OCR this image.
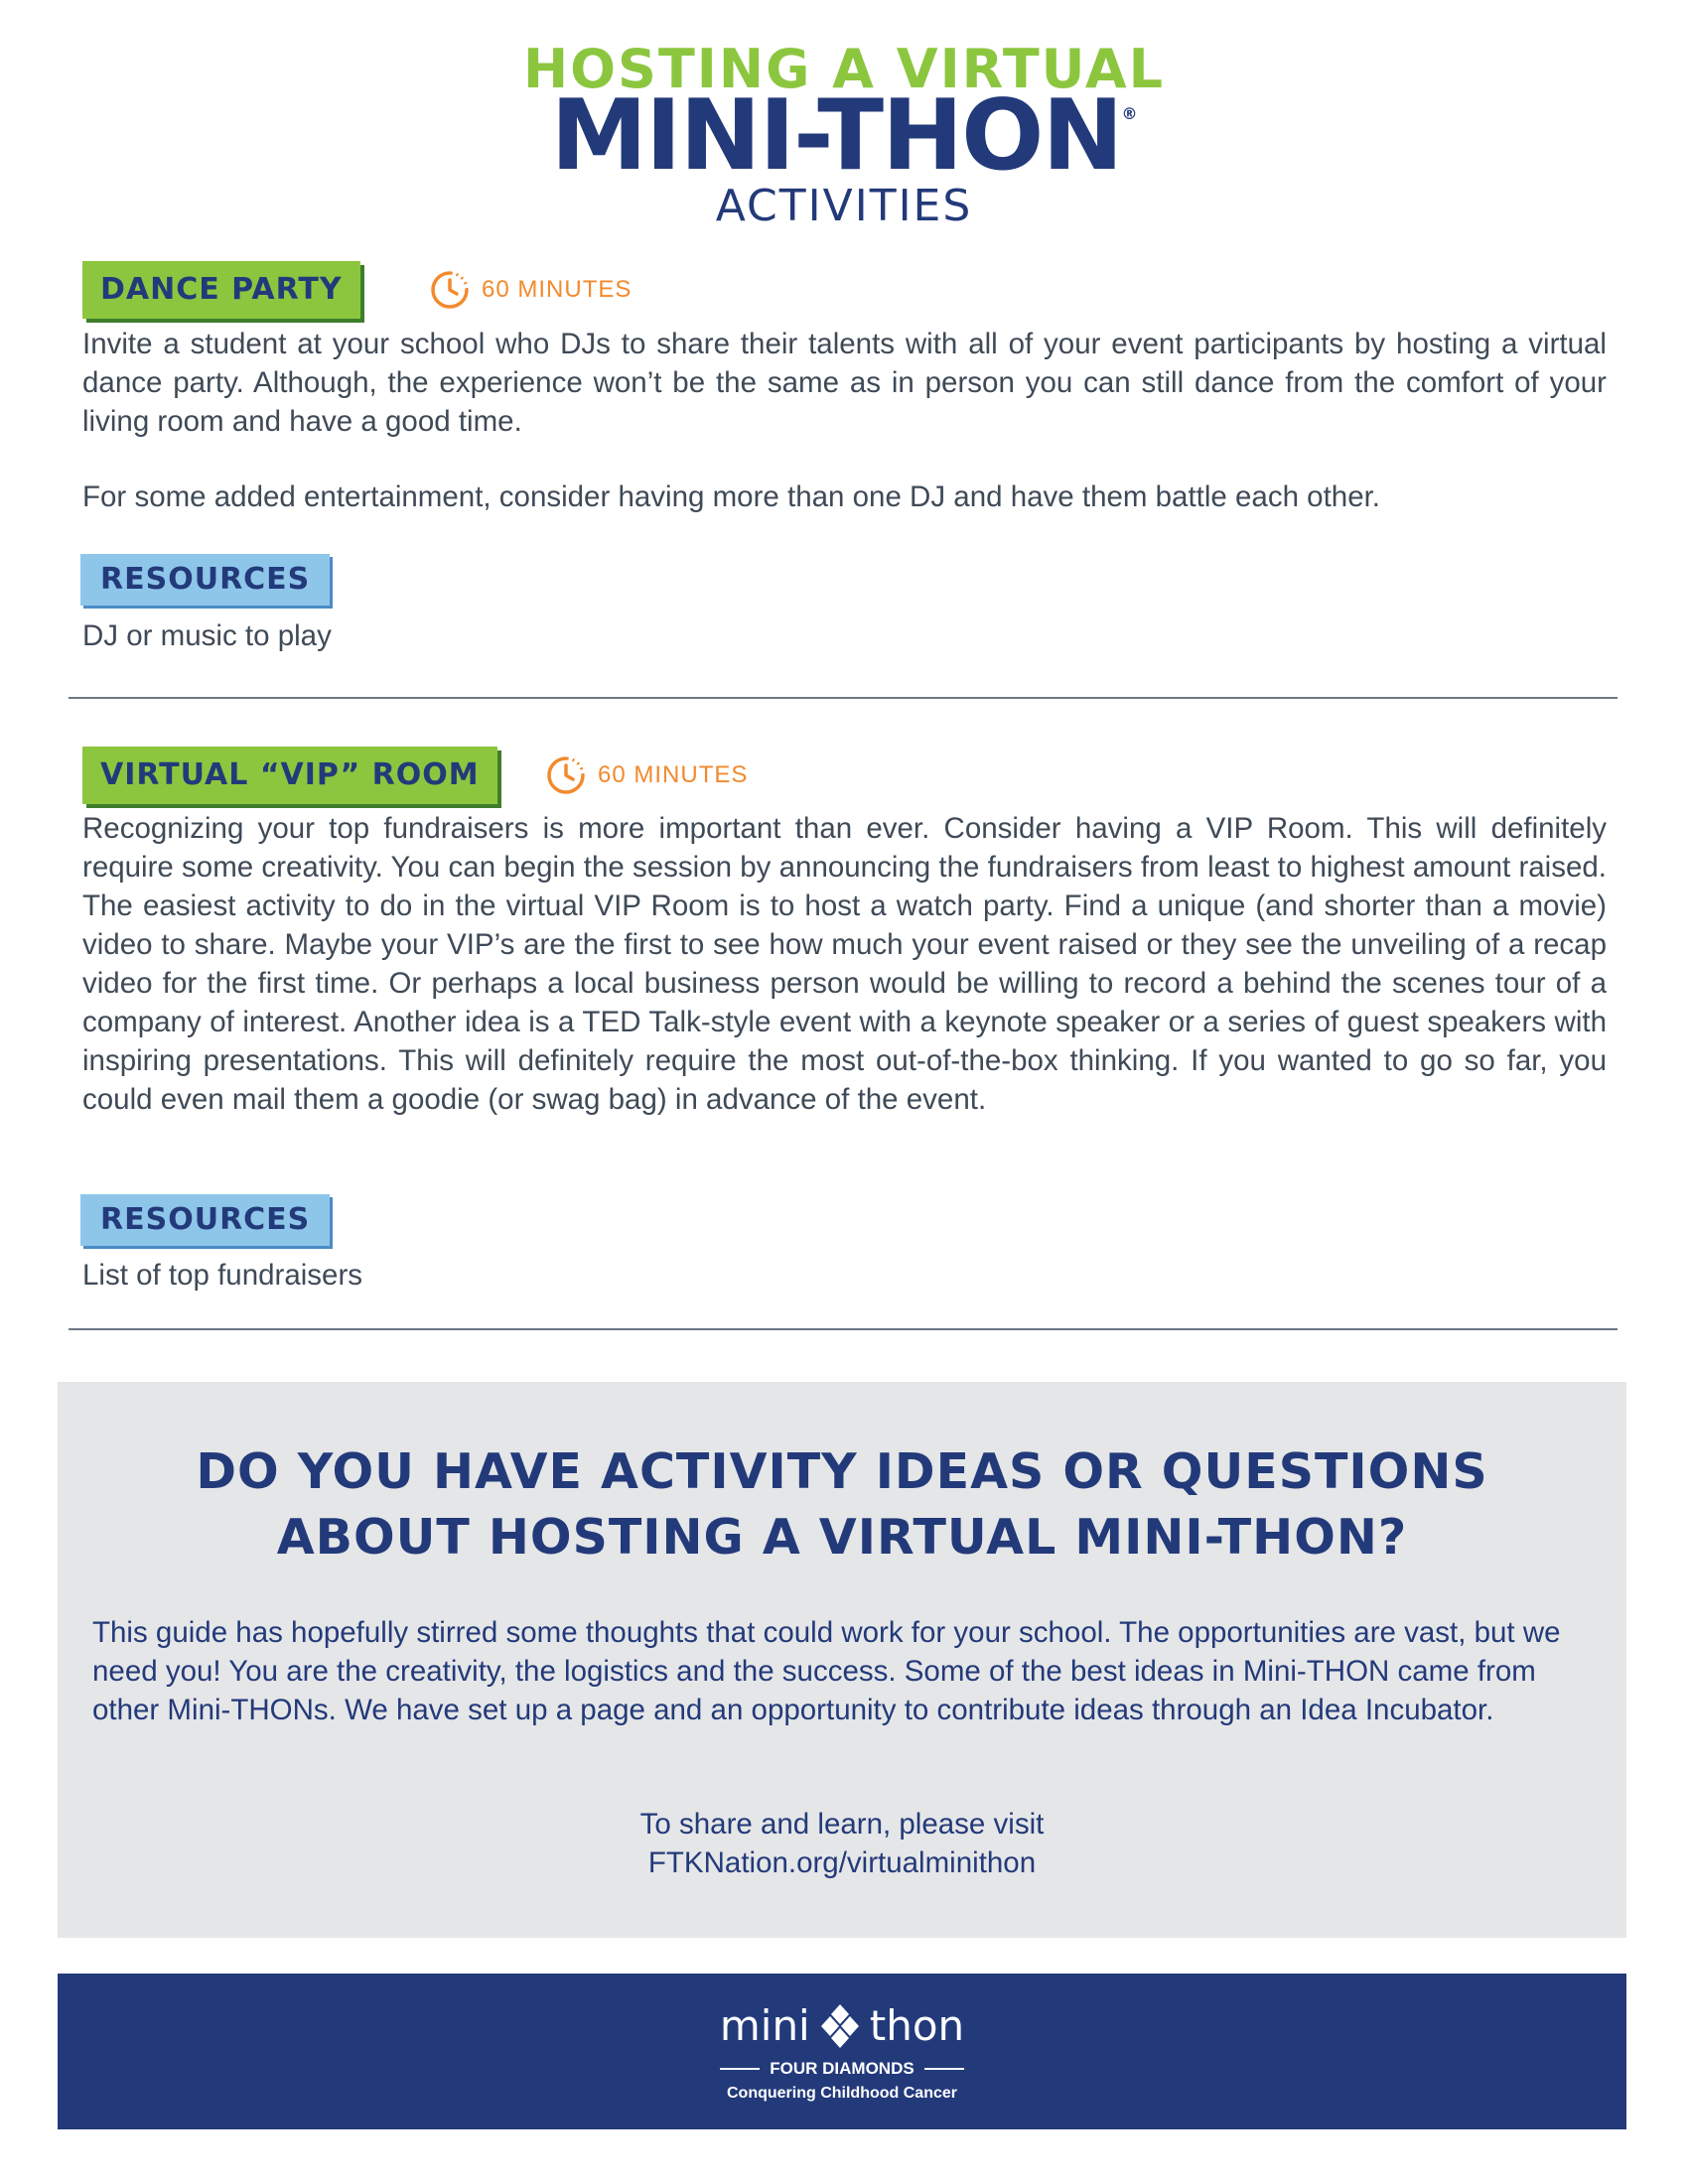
HOSTING A VIRTUAL
MINI-THON®
ACTIVITIES
DANCE PARTY	60 MINUTES

Invite a student at your school who DJs to share their talents with all of your event participants by hosting a virtual dance party. Although, the experience won’t be the same as in person you can still dance from the comfort of your living room and have a good time.

For some added entertainment, consider having more than one DJ and have them battle each other.

RESOURCES

DJ or music to play

VIRTUAL “VIP” ROOM	60 MINUTES

Recognizing your top fundraisers is more important than ever. Consider having a VIP Room. This will definitely require some creativity. You can begin the session by announcing the fundraisers from least to highest amount raised. The easiest activity to do in the virtual VIP Room is to host a watch party. Find a unique (and shorter than a movie) video to share. Maybe your VIP’s are the first to see how much your event raised or they see the unveiling of a recap video for the first time. Or perhaps a local business person would be willing to record a behind the scenes tour of a company of interest. Another idea is a TED Talk-style event with a keynote speaker or a series of guest speakers with inspiring presentations. This will definitely require the most out-of-the-box thinking. If you wanted to go so far, you could even mail them a goodie (or swag bag) in advance of the event.

RESOURCES

List of top fundraisers

DO YOU HAVE ACTIVITY IDEAS OR QUESTIONS
ABOUT HOSTING A VIRTUAL MINI-THON?

This guide has hopefully stirred some thoughts that could work for your school. The opportunities are vast, but we need you! You are the creativity, the logistics and the success. Some of the best ideas in Mini-THON came from other Mini-THONs. We have set up a page and an opportunity to contribute ideas through an Idea Incubator.

To share and learn, please visit
FTKNation.org/virtualminithon
mini thon
FOUR DIAMONDS
Conquering Childhood Cancer
